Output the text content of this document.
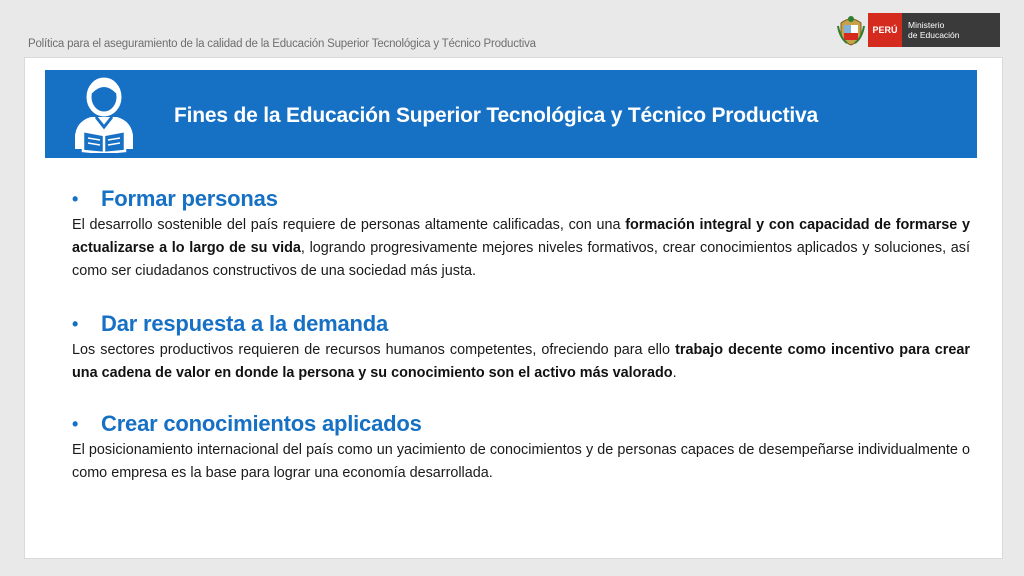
Política para el aseguramiento de la calidad de la Educación Superior Tecnológica y Técnico Productiva
PERÚ	Ministerio
de Educación
Fines de la Educación Superior Tecnológica y Técnico Productiva
•	Formar personas

El desarrollo sostenible del país requiere de personas altamente calificadas, con una formación integral y con capacidad de formarse y actualizarse a lo largo de su vida, logrando progresivamente mejores niveles formativos, crear conocimientos aplicados y soluciones, así como ser ciudadanos constructivos de una sociedad más justa.

•	Dar respuesta a la demanda

Los sectores productivos requieren de recursos humanos competentes, ofreciendo para ello trabajo decente como incentivo para crear una cadena de valor en donde la persona y su conocimiento son el activo más valorado.

•	Crear conocimientos aplicados

El posicionamiento internacional del país como un yacimiento de conocimientos y de personas capaces de desempeñarse individualmente o como empresa es la base para lograr una economía desarrollada.
